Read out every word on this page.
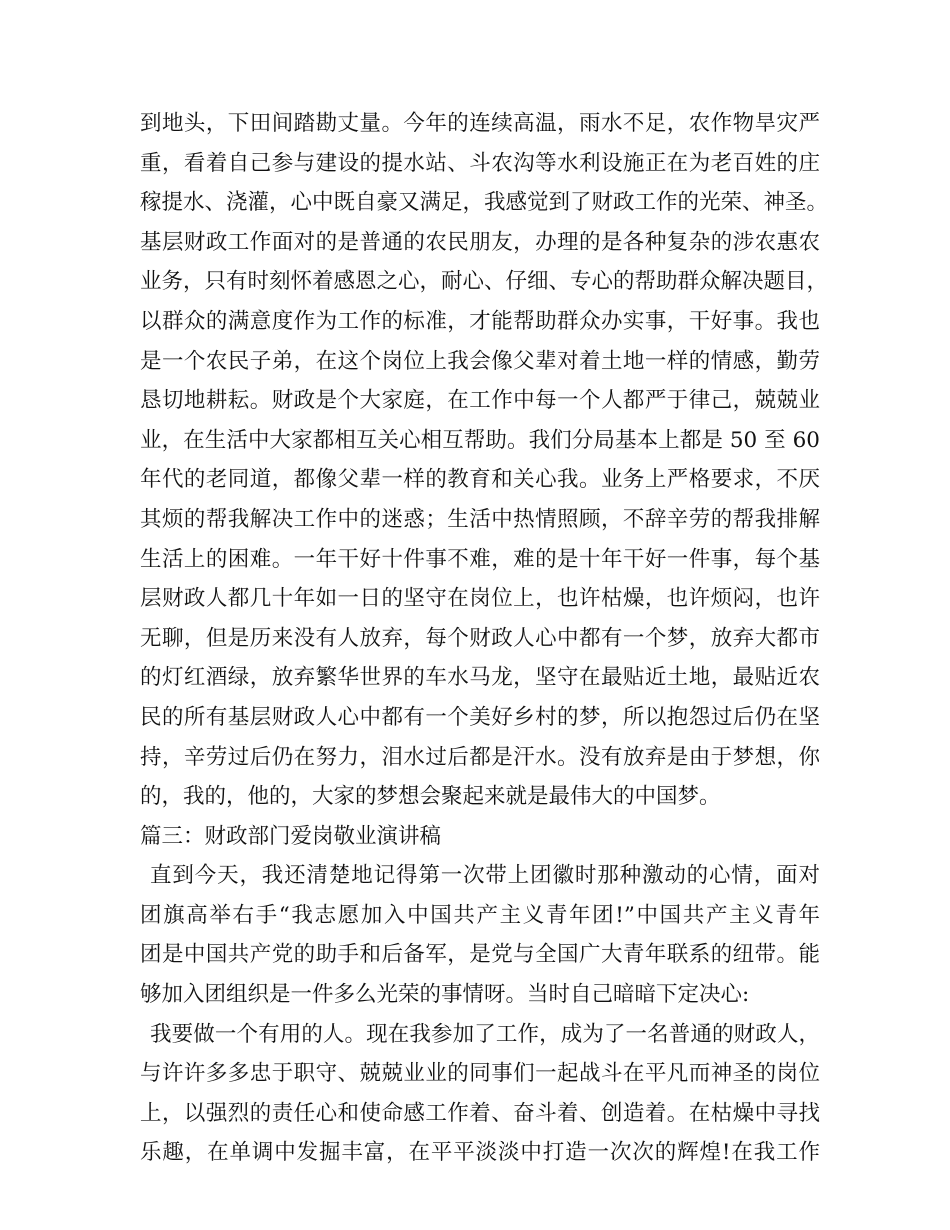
到地头，下田间踏勘丈量。今年的连续高温，雨水不足，农作物旱灾严
重，看着自己参与建设的提水站、斗农沟等水利设施正在为老百姓的庄
稼提水、浇灌，心中既自豪又满足，我感觉到了财政工作的光荣、神圣。
基层财政工作面对的是普通的农民朋友，办理的是各种复杂的涉农惠农
业务，只有时刻怀着感恩之心，耐心、仔细、专心的帮助群众解决题目，
以群众的满意度作为工作的标准，才能帮助群众办实事，干好事。我也
是一个农民子弟，在这个岗位上我会像父辈对着土地一样的情感，勤劳
恳切地耕耘。财政是个大家庭，在工作中每一个人都严于律己，兢兢业
业，在生活中大家都相互关心相互帮助。我们分局基本上都是 50 至 60
年代的老同道，都像父辈一样的教育和关心我。业务上严格要求，不厌
其烦的帮我解决工作中的迷惑；生活中热情照顾，不辞辛劳的帮我排解
生活上的困难。一年干好十件事不难，难的是十年干好一件事，每个基
层财政人都几十年如一日的坚守在岗位上，也许枯燥，也许烦闷，也许
无聊，但是历来没有人放弃，每个财政人心中都有一个梦，放弃大都市
的灯红酒绿，放弃繁华世界的车水马龙，坚守在最贴近土地，最贴近农
民的所有基层财政人心中都有一个美好乡村的梦，所以抱怨过后仍在坚
持，辛劳过后仍在努力，泪水过后都是汗水。没有放弃是由于梦想，你
的，我的，他的，大家的梦想会聚起来就是最伟大的中国梦。
篇三：财政部门爱岗敬业演讲稿
直到今天，我还清楚地记得第一次带上团徽时那种激动的心情，面对
团旗高举右手“我志愿加入中国共产主义青年团!”中国共产主义青年
团是中国共产党的助手和后备军，是党与全国广大青年联系的纽带。能
够加入团组织是一件多么光荣的事情呀。当时自己暗暗下定决心:
我要做一个有用的人。现在我参加了工作，成为了一名普通的财政人，
与许许多多忠于职守、兢兢业业的同事们一起战斗在平凡而神圣的岗位
上，以强烈的责任心和使命感工作着、奋斗着、创造着。在枯燥中寻找
乐趣，在单调中发掘丰富，在平平淡淡中打造一次次的辉煌!在我工作
